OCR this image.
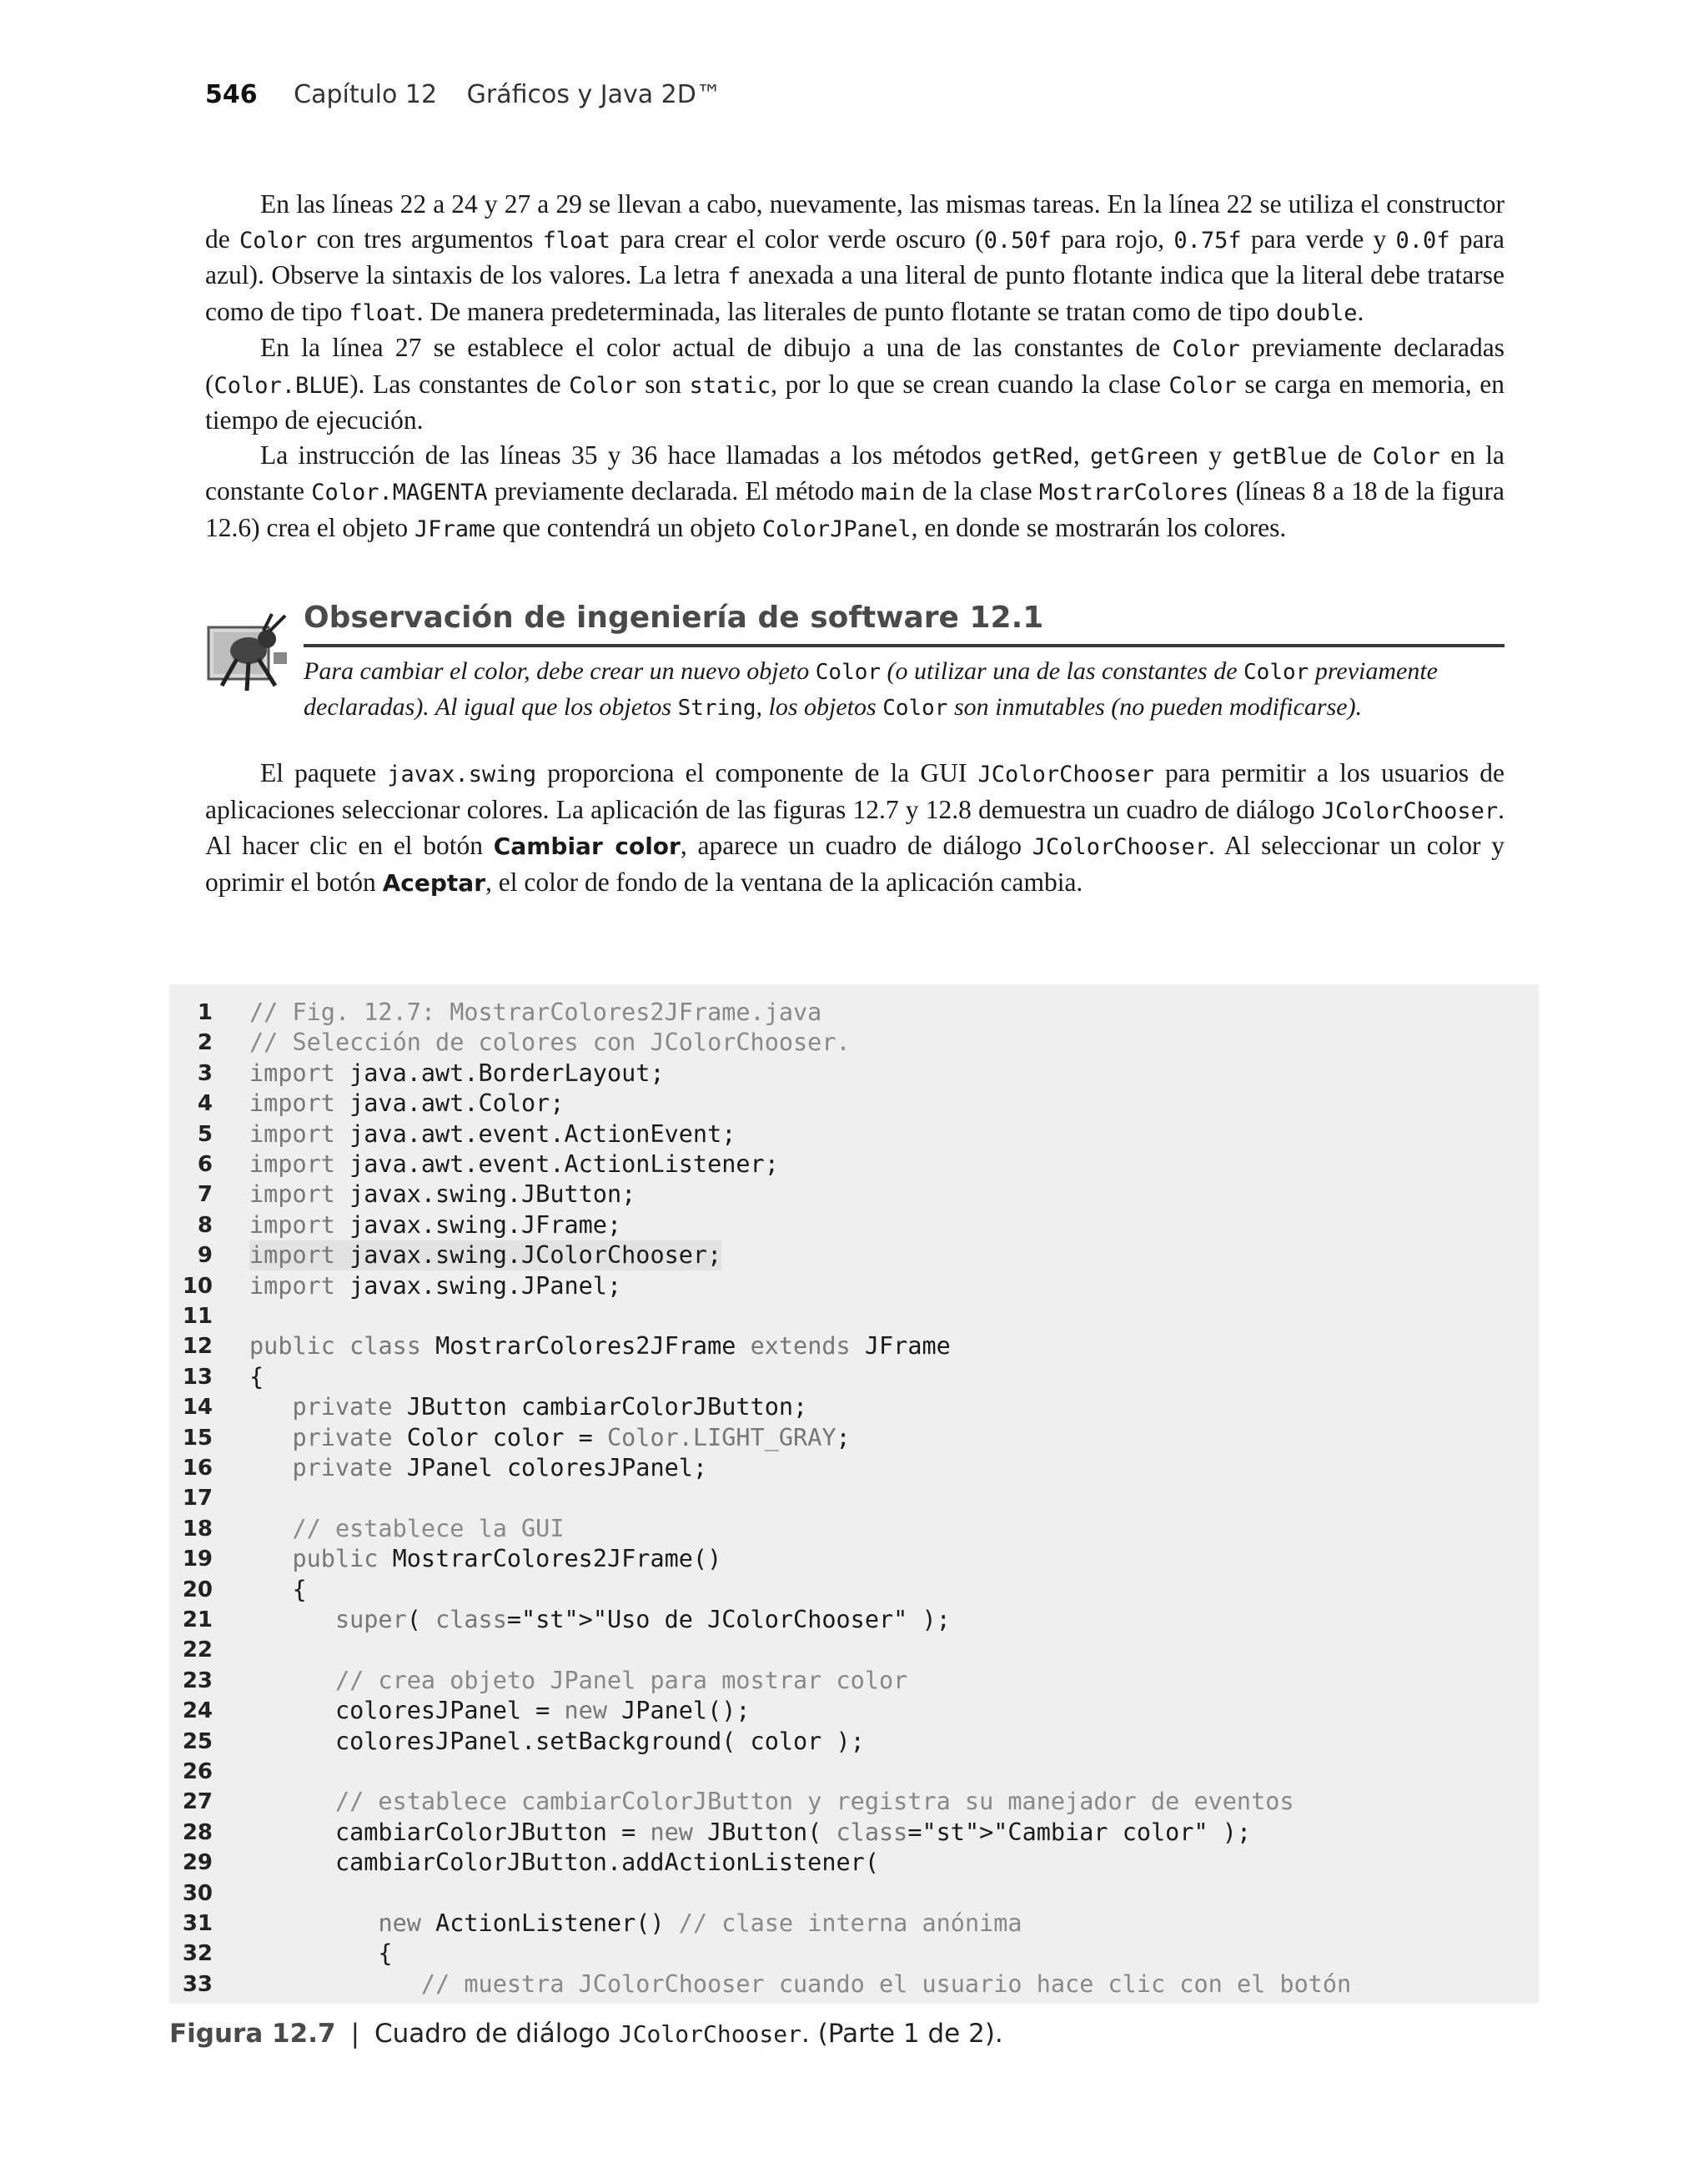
546 Capítulo 12 Gráficos y Java 2D™

En las líneas 22 a 24 y 27 a 29 se llevan a cabo, nuevamente, las mismas tareas. En la línea 22 se utiliza el constructor de Color con tres argumentos float para crear el color verde oscuro (0.50f para rojo, 0.75f para verde y 0.0f para azul). Observe la sintaxis de los valores. La letra f anexada a una literal de punto flotante indica que la literal debe tratarse como de tipo float. De manera predeterminada, las literales de punto flotante se tratan como de tipo double.

En la línea 27 se establece el color actual de dibujo a una de las constantes de Color previamente declaradas (Color.BLUE). Las constantes de Color son static, por lo que se crean cuando la clase Color se carga en memoria, en tiempo de ejecución.

La instrucción de las líneas 35 y 36 hace llamadas a los métodos getRed, getGreen y getBlue de Color en la constante Color.MAGENTA previamente declarada. El método main de la clase MostrarColores (líneas 8 a 18 de la figura 12.6) crea el objeto JFrame que contendrá un objeto ColorJPanel, en donde se mostrarán los colores.

Observación de ingeniería de software 12.1
Para cambiar el color, debe crear un nuevo objeto Color (o utilizar una de las constantes de Color previamente declaradas). Al igual que los objetos String, los objetos Color son inmutables (no pueden modificarse).

El paquete javax.swing proporciona el componente de la GUI JColorChooser para permitir a los usuarios de aplicaciones seleccionar colores. La aplicación de las figuras 12.7 y 12.8 demuestra un cuadro de diálogo JColorChooser. Al hacer clic en el botón Cambiar color, aparece un cuadro de diálogo JColorChooser. Al seleccionar un color y oprimir el botón Aceptar, el color de fondo de la ventana de la aplicación cambia.

1 // Fig. 12.7: MostrarColores2JFrame.java
2 // Selección de colores con JColorChooser.
3 import java.awt.BorderLayout;
4 import java.awt.Color;
5 import java.awt.event.ActionEvent;
6 import java.awt.event.ActionListener;
7 import javax.swing.JButton;
8 import javax.swing.JFrame;
9 import javax.swing.JColorChooser;
10 import javax.swing.JPanel;
11
12 public class MostrarColores2JFrame extends JFrame
13 {
14	private JButton cambiarColorJButton;
15	private Color color = Color.LIGHT_GRAY;
16	private JPanel coloresJPanel;
17
18	// establece la GUI
19	public MostrarColores2JFrame()
20 {
21	super( class="st">"Uso de JColorChooser" );
22
23	// crea objeto JPanel para mostrar color
24 coloresJPanel = new JPanel();
25 coloresJPanel.setBackground( color );
26
27	// establece cambiarColorJButton y registra su manejador de eventos
28 cambiarColorJButton = new JButton( class="st">"Cambiar color" );
29 cambiarColorJButton.addActionListener(
30
31	new ActionListener() // clase interna anónima
32 {
33	// muestra JColorChooser cuando el usuario hace clic con el botón
Figura 12.7 | Cuadro de diálogo JColorChooser. (Parte 1 de 2).
